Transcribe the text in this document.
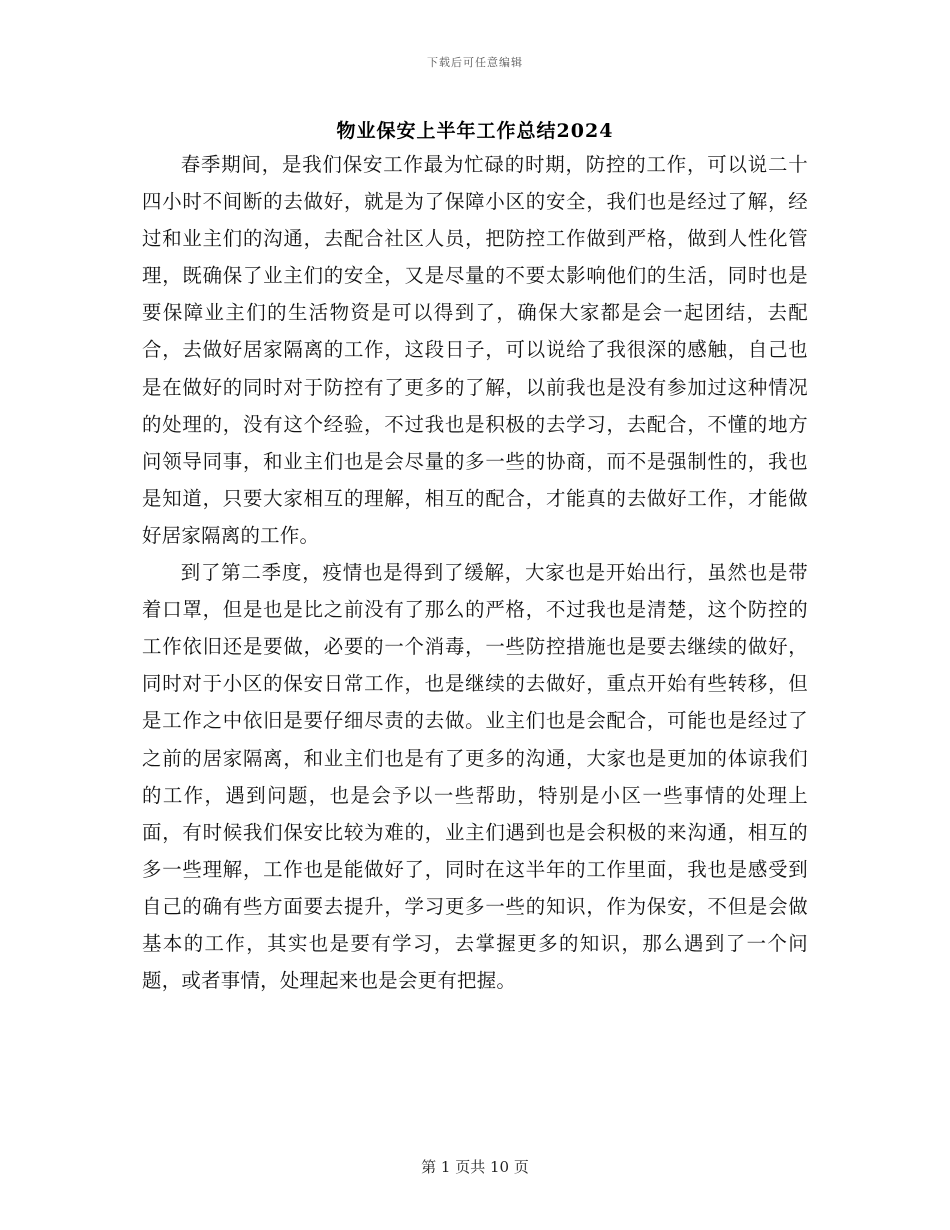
下载后可任意编辑
物业保安上半年工作总结2024

春季期间，是我们保安工作最为忙碌的时期，防控的工作，可以说二十四小时不间断的去做好，就是为了保障小区的安全，我们也是经过了解，经过和业主们的沟通，去配合社区人员，把防控工作做到严格，做到人性化管理，既确保了业主们的安全，又是尽量的不要太影响他们的生活，同时也是要保障业主们的生活物资是可以得到了，确保大家都是会一起团结，去配合，去做好居家隔离的工作，这段日子，可以说给了我很深的感触，自己也是在做好的同时对于防控有了更多的了解，以前我也是没有参加过这种情况的处理的，没有这个经验，不过我也是积极的去学习，去配合，不懂的地方问领导同事，和业主们也是会尽量的多一些的协商，而不是强制性的，我也是知道，只要大家相互的理解，相互的配合，才能真的去做好工作，才能做好居家隔离的工作。

到了第二季度，疫情也是得到了缓解，大家也是开始出行，虽然也是带着口罩，但是也是比之前没有了那么的严格，不过我也是清楚，这个防控的工作依旧还是要做，必要的一个消毒，一些防控措施也是要去继续的做好，同时对于小区的保安日常工作，也是继续的去做好，重点开始有些转移，但是工作之中依旧是要仔细尽责的去做。业主们也是会配合，可能也是经过了之前的居家隔离，和业主们也是有了更多的沟通，大家也是更加的体谅我们的工作，遇到问题，也是会予以一些帮助，特别是小区一些事情的处理上面，有时候我们保安比较为难的，业主们遇到也是会积极的来沟通，相互的多一些理解，工作也是能做好了，同时在这半年的工作里面，我也是感受到自己的确有些方面要去提升，学习更多一些的知识，作为保安，不但是会做基本的工作，其实也是要有学习，去掌握更多的知识，那么遇到了一个问题，或者事情，处理起来也是会更有把握。

第 1 页共 10 页
